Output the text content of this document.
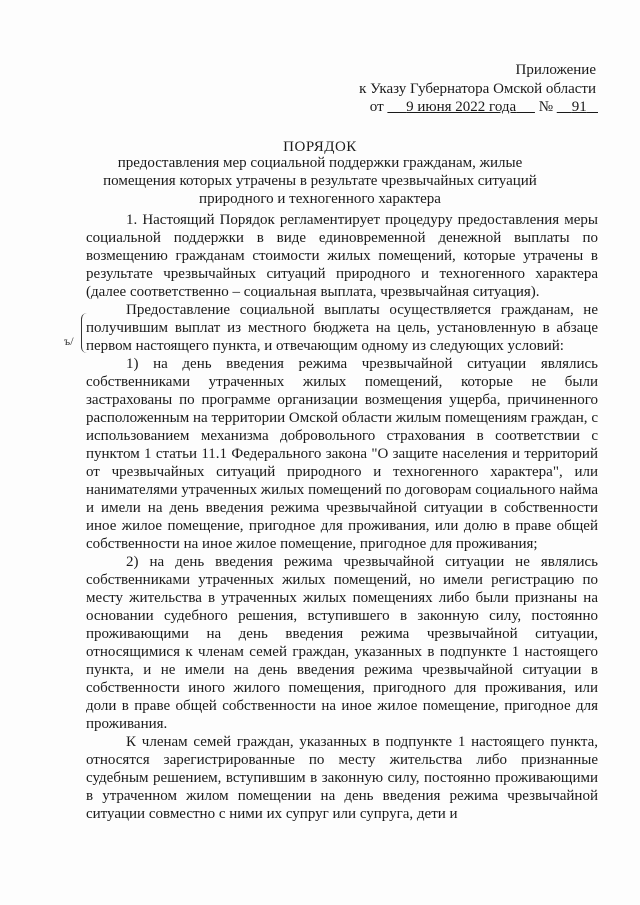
Приложение
к Указу Губернатора Омской области
от 9 июня 2022 года № 91
ПОРЯДОК
предоставления мер социальной поддержки гражданам, жилые помещения которых утрачены в результате чрезвычайных ситуаций природного и техногенного характера
ъ/

1. Настоящий Порядок регламентирует процедуру предоставления меры социальной поддержки в виде единовременной денежной выплаты по возмещению гражданам стоимости жилых помещений, которые утрачены в результате чрезвычайных ситуаций природного и техногенного характера (далее соответственно – социальная выплата, чрезвычайная ситуация).

Предоставление социальной выплаты осуществляется гражданам, не получившим выплат из местного бюджета на цель, установленную в абзаце первом настоящего пункта, и отвечающим одному из следующих условий:

1) на день введения режима чрезвычайной ситуации являлись собственниками утраченных жилых помещений, которые не были застрахованы по программе организации возмещения ущерба, причиненного расположенным на территории Омской области жилым помещениям граждан, с использованием механизма добровольного страхования в соответствии с пунктом 1 статьи 11.1 Федерального закона "О защите населения и территорий от чрезвычайных ситуаций природного и техногенного характера", или нанимателями утраченных жилых помещений по договорам социального найма и имели на день введения режима чрезвычайной ситуации в собственности иное жилое помещение, пригодное для проживания, или долю в праве общей собственности на иное жилое помещение, пригодное для проживания;

2) на день введения режима чрезвычайной ситуации не являлись собственниками утраченных жилых помещений, но имели регистрацию по месту жительства в утраченных жилых помещениях либо были признаны на основании судебного решения, вступившего в законную силу, постоянно проживающими на день введения режима чрезвычайной ситуации, относящимися к членам семей граждан, указанных в подпункте 1 настоящего пункта, и не имели на день введения режима чрезвычайной ситуации в собственности иного жилого помещения, пригодного для проживания, или доли в праве общей собственности на иное жилое помещение, пригодное для проживания.

К членам семей граждан, указанных в подпункте 1 настоящего пункта, относятся зарегистрированные по месту жительства либо признанные судебным решением, вступившим в законную силу, постоянно проживающими в утраченном жилом помещении на день введения режима чрезвычайной ситуации совместно с ними их супруг или супруга, дети и
